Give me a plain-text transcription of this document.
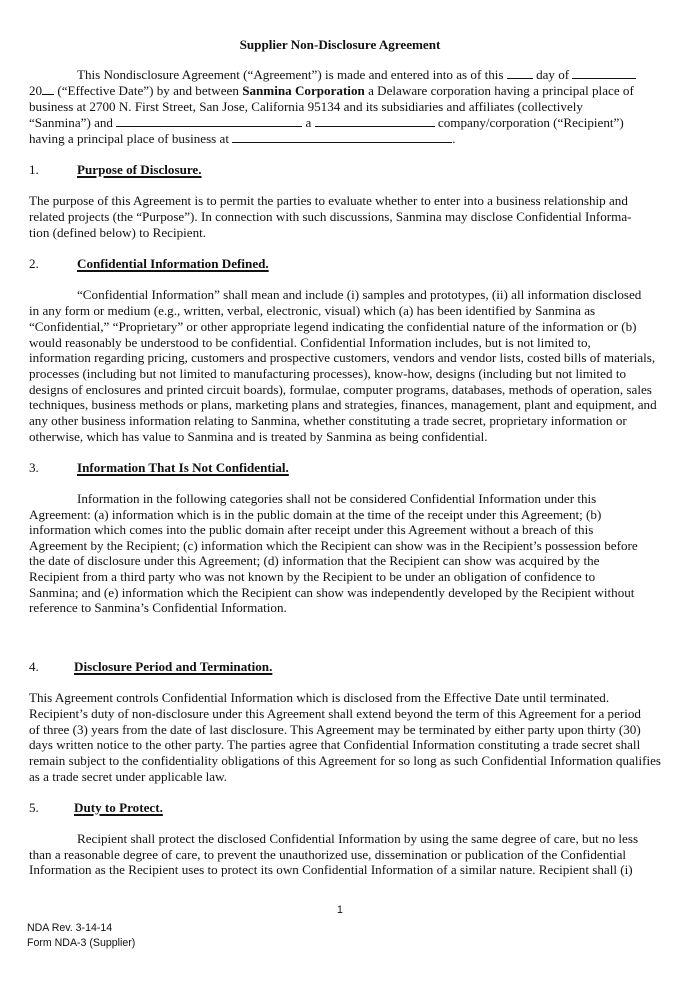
Supplier Non-Disclosure Agreement
This Nondisclosure Agreement (“Agreement”) is made and entered into as of this day of
20 (“Effective Date”) by and between Sanmina Corporation a Delaware corporation having a principal place of
business at 2700 N. First Street, San Jose, California 95134 and its subsidiaries and affiliates (collectively
“Sanmina”) and	a	company/corporation (“Recipient”)
having a principal place of business at	.
1.	Purpose of Disclosure.
The purpose of this Agreement is to permit the parties to evaluate whether to enter into a business relationship and
related projects (the “Purpose”). In connection with such discussions, Sanmina may disclose Confidential Informa-
tion (defined below) to Recipient.
2.	Confidential Information Defined.
“Confidential Information” shall mean and include (i) samples and prototypes, (ii) all information disclosed
in any form or medium (e.g., written, verbal, electronic, visual) which (a) has been identified by Sanmina as
“Confidential,” “Proprietary” or other appropriate legend indicating the confidential nature of the information or (b)
would reasonably be understood to be confidential. Confidential Information includes, but is not limited to,
information regarding pricing, customers and prospective customers, vendors and vendor lists, costed bills of materials,
processes (including but not limited to manufacturing processes), know-how, designs (including but not limited to
designs of enclosures and printed circuit boards), formulae, computer programs, databases, methods of operation, sales
techniques, business methods or plans, marketing plans and strategies, finances, management, plant and equipment, and
any other business information relating to Sanmina, whether constituting a trade secret, proprietary information or
otherwise, which has value to Sanmina and is treated by Sanmina as being confidential.
3.	Information That Is Not Confidential.
Information in the following categories shall not be considered Confidential Information under this
Agreement: (a) information which is in the public domain at the time of the receipt under this Agreement; (b)
information which comes into the public domain after receipt under this Agreement without a breach of this
Agreement by the Recipient; (c) information which the Recipient can show was in the Recipient’s possession before
the date of disclosure under this Agreement; (d) information that the Recipient can show was acquired by the
Recipient from a third party who was not known by the Recipient to be under an obligation of confidence to
Sanmina; and (e) information which the Recipient can show was independently developed by the Recipient without
reference to Sanmina’s Confidential Information.
4.	Disclosure Period and Termination.
This Agreement controls Confidential Information which is disclosed from the Effective Date until terminated.
Recipient’s duty of non-disclosure under this Agreement shall extend beyond the term of this Agreement for a period
of three (3) years from the date of last disclosure. This Agreement may be terminated by either party upon thirty (30)
days written notice to the other party. The parties agree that Confidential Information constituting a trade secret shall
remain subject to the confidentiality obligations of this Agreement for so long as such Confidential Information qualifies
as a trade secret under applicable law.
5.	Duty to Protect.
Recipient shall protect the disclosed Confidential Information by using the same degree of care, but no less
than a reasonable degree of care, to prevent the unauthorized use, dissemination or publication of the Confidential
Information as the Recipient uses to protect its own Confidential Information of a similar nature. Recipient shall (i)
1
NDA Rev. 3-14-14
Form NDA-3 (Supplier)
